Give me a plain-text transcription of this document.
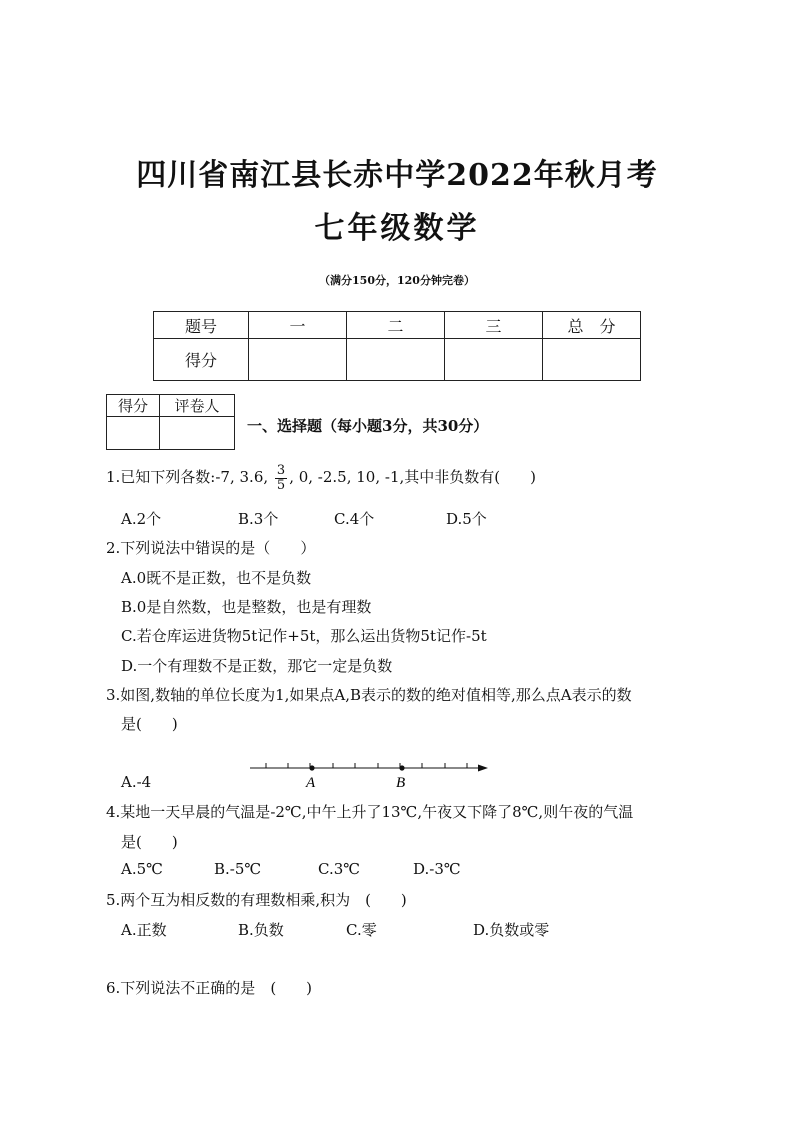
四川省南江县长赤中学2022年秋月考
七年级数学
（满分150分，120分钟完卷）
题号	一	二	三	总　分
得分				
得分	评卷人

一、选择题（每小题3分，共30分）
1.已知下列各数:-7, 3.6, $\frac{3}{5}$ , 0, -2.5, 10, -1,其中非负数有(　　)
A.2个	B.3个	C.4个	D.5个
2.下列说法中错误的是（　　）
A.0既不是正数，也不是负数
B.0是自然数，也是整数，也是有理数
C.若仓库运进货物5t记作+5t，那么运出货物5t记作-5t
D.一个有理数不是正数，那它一定是负数
3.如图,数轴的单位长度为1,如果点A,B表示的数的绝对值相等,那么点A表示的数
是(　　)
A.-4	A	B
4.某地一天早晨的气温是-2℃,中午上升了13℃,午夜又下降了8℃,则午夜的气温
是(　　)
A.5℃	B.-5℃	C.3℃	D.-3℃
5.两个互为相反数的有理数相乘,积为　(　　)
A.正数	B.负数	C.零	D.负数或零
6.下列说法不正确的是　(　　)
